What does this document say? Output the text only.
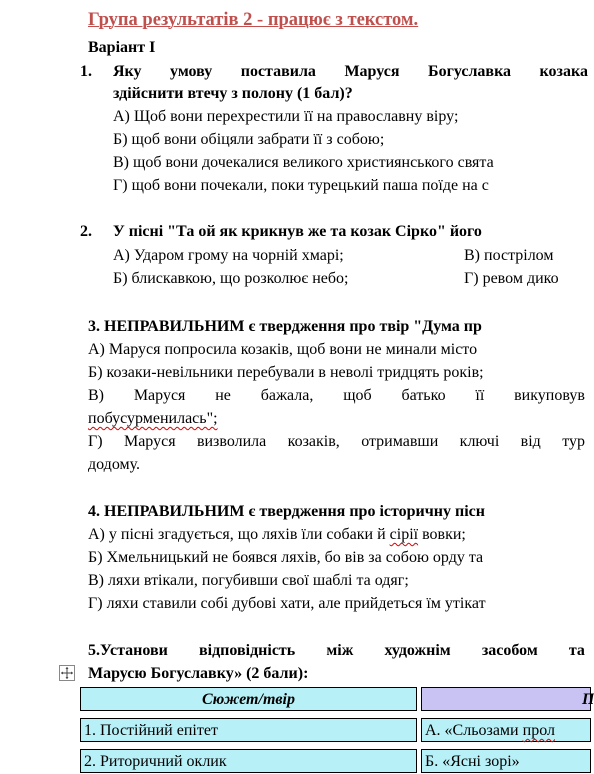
Група результатів 2 - працює з текстом.
Варіант І
1. Яку умову поставила Маруся Богуславка козака
здійснити втечу з полону (1 бал)?
А) Щоб вони перехрестили її на православну віру;
Б) щоб вони обіцяли забрати її з собою;
В) щоб вони дочекалися великого християнського свята
Г) щоб вони почекали, поки турецький паша поїде на с
2. У пісні "Та ой як крикнув же та козак Сірко" його
А) Ударом грому на чорній хмарі;
Б) блискавкою, що розколює небо;
В) пострілом
Г) ревом дико
3. НЕПРАВИЛЬНИМ є твердження про твір "Дума пр
А) Маруся попросила козаків, щоб вони не минали місто
Б) козаки-невільники перебували в неволі тридцять років;
В) Маруся не бажала, щоб батько її викуповув
побусурменилась";
Г) Маруся визволила козаків, отримавши ключі від тур
додому.
4. НЕПРАВИЛЬНИМ є твердження про історичну пісн
А) у пісні згадується, що ляхів їли собаки й сірії вовки;
Б) Хмельницький не боявся ляхів, бо вів за собою орду та
В) ляхи втікали, погубивши свої шаблі та одяг;
Г) ляхи ставили собі дубові хати, але прийдеться їм утікат
5.Установи відповідність між художнім засобом та
Марусю Богуславку» (2 бали):
Сюжет/твір	П
1. Постійний епітет	А. «Сльозами прол
2. Риторичний оклик	Б. «Ясні зорі»
